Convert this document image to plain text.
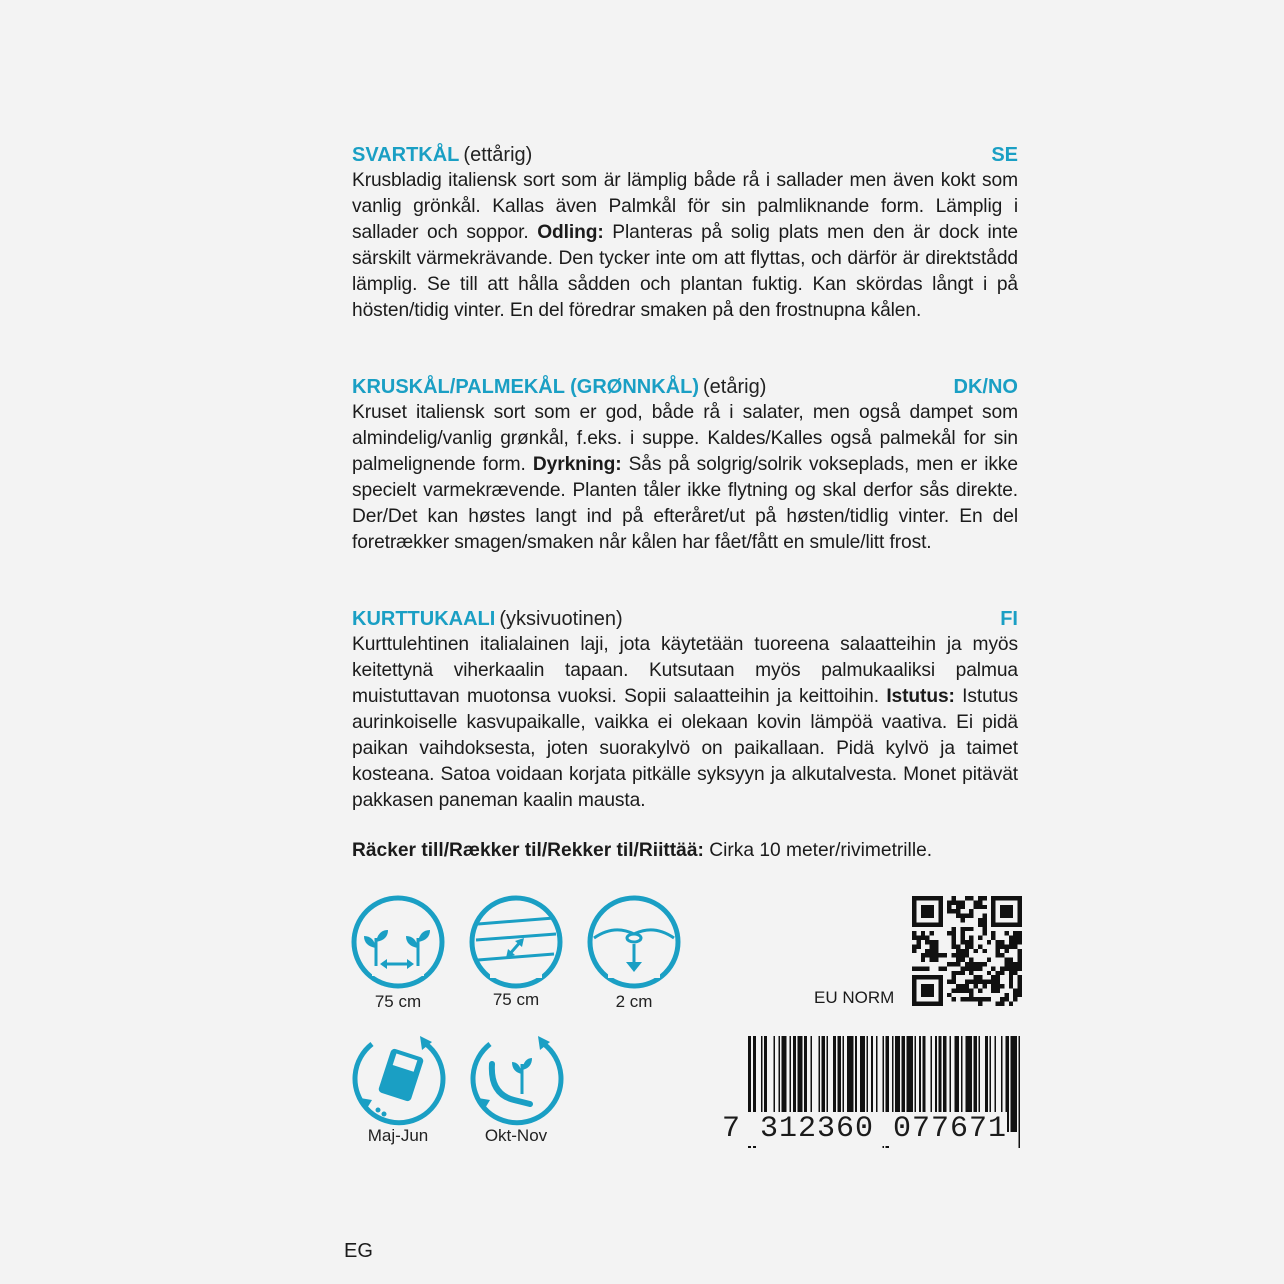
SVARTKÅL (ettårig)	SE
Krusbladig italiensk sort som är lämplig både rå i sallader men även kokt som vanlig grönkål. Kallas även Palmkål för sin palmliknande form. Lämplig i sallader och soppor. Odling: Planteras på solig plats men den är dock inte särskilt värmekrävande. Den tycker inte om att flyttas, och därför är direktstådd lämplig. Se till att hålla sådden och plantan fuktig. Kan skördas långt i på hösten/tidig vinter. En del föredrar smaken på den frostnupna kålen.
KRUSKÅL/PALMEKÅL (GRØNNKÅL) (etårig)	DK/NO
Kruset italiensk sort som er god, både rå i salater, men også dampet som almindelig/vanlig grønkål, f.eks. i suppe. Kaldes/Kalles også palmekål for sin palmelignende form. Dyrkning: Sås på solgrig/solrik vokseplads, men er ikke specielt varmekrævende. Planten tåler ikke flytning og skal derfor sås direkte. Der/Det kan høstes langt ind på efteråret/ut på høsten/tidlig vinter. En del foretrækker smagen/smaken når kålen har fået/fått en smule/litt frost.
KURTTUKAALI (yksivuotinen)	FI
Kurttulehtinen italialainen laji, jota käytetään tuoreena salaatteihin ja myös keitettynä viherkaalin tapaan. Kutsutaan myös palmukaaliksi palmua muistuttavan muotonsa vuoksi. Sopii salaatteihin ja keittoihin. Istutus: Istutus aurinkoiselle kasvupaikalle, vaikka ei olekaan kovin lämpöä vaativa. Ei pidä paikan vaihdoksesta, joten suorakylvö on paikallaan. Pidä kylvö ja taimet kosteana. Satoa voidaan korjata pitkälle syksyyn ja alkutalvesta. Monet pitävät pakkasen paneman kaalin mausta.
Räcker till/Rækker til/Rekker til/Riittää: Cirka 10 meter/rivimetrille.
75 cm	75 cm	2 cm
Maj-Jun	Okt-Nov
EU NORM
7 312360 077671
EG
